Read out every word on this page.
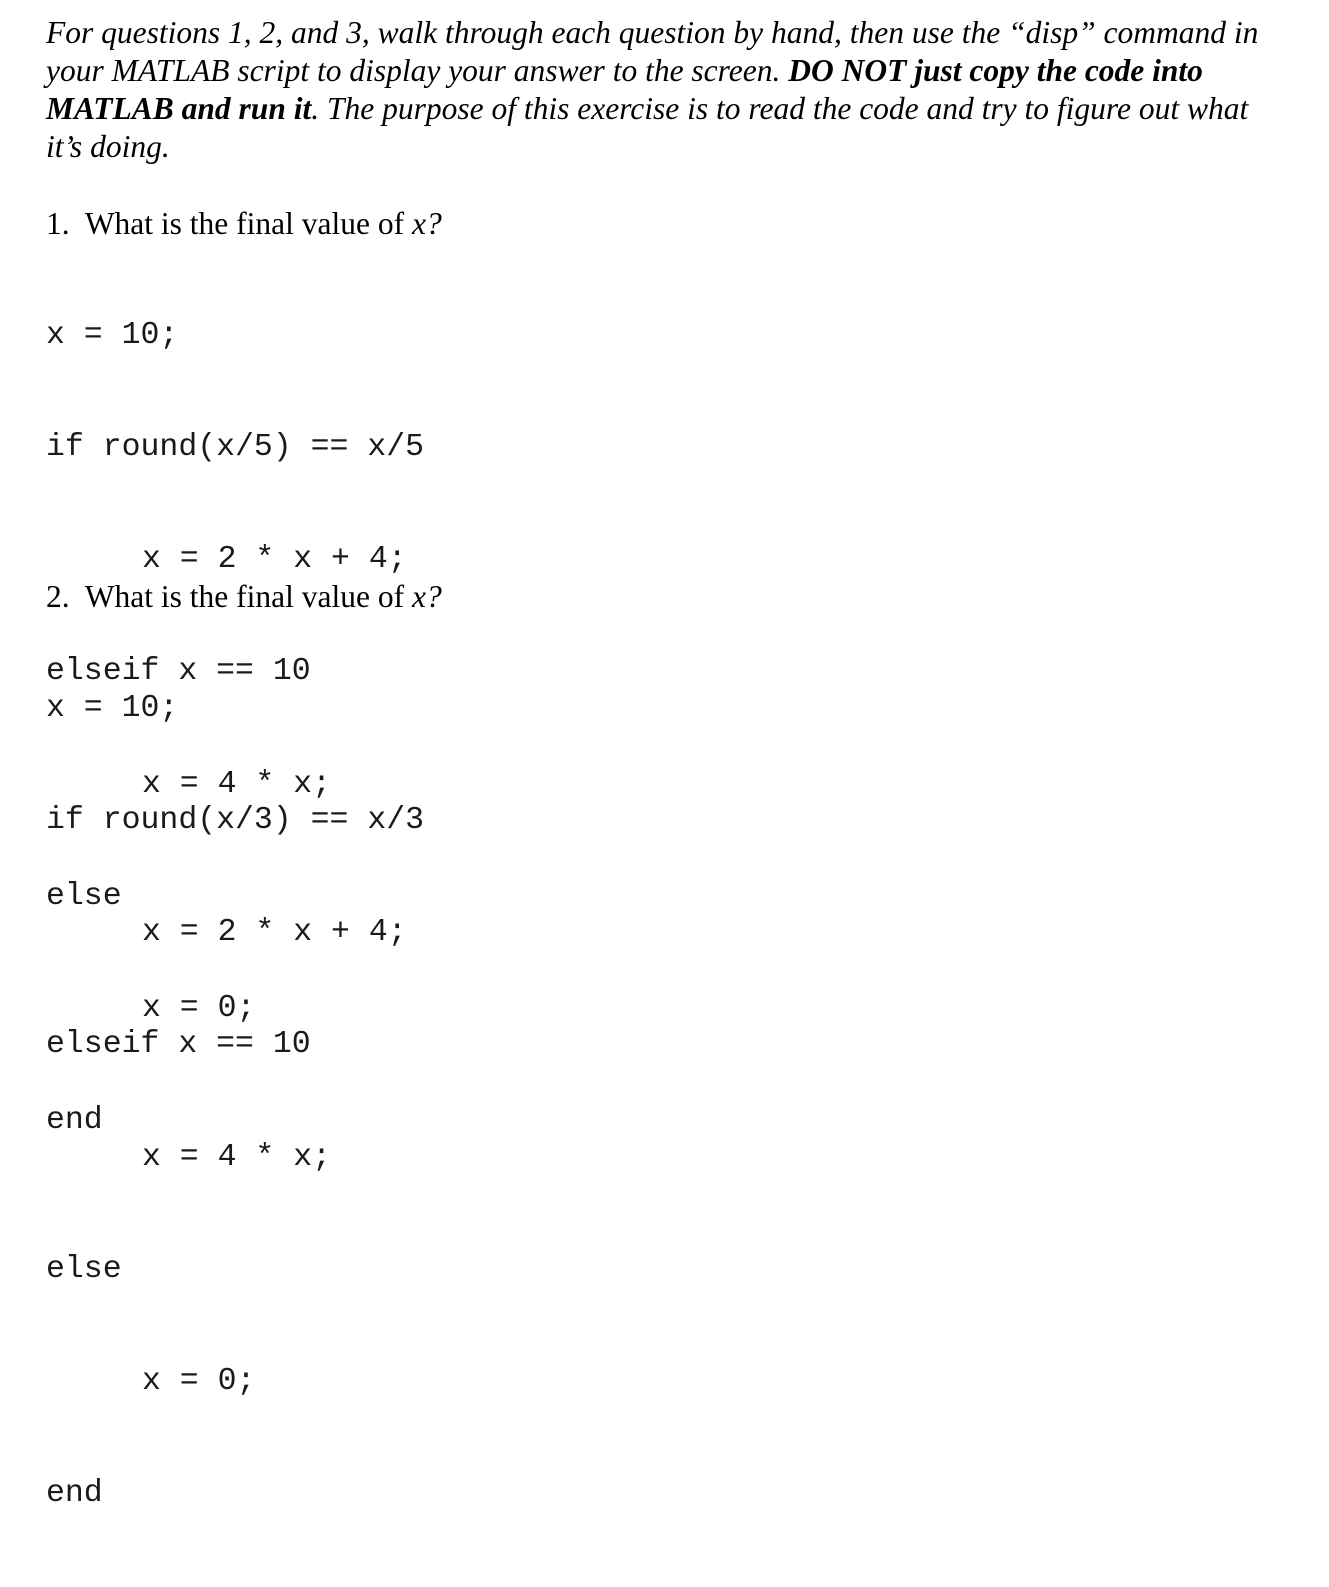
For questions 1, 2, and 3, walk through each question by hand, then use the “disp” command in
your MATLAB script to display your answer to the screen. DO NOT just copy the code into
MATLAB and run it. The purpose of this exercise is to read the code and try to figure out what
it’s doing.
1. What is the final value of x?

x = 10;

if round(x/5) == x/5

x = 2 * x + 4;

elseif x == 10

x = 4 * x;

else

x = 0;

end

2. What is the final value of x?

x = 10;

if round(x/3) == x/3

x = 2 * x + 4;

elseif x == 10

x = 4 * x;

else

x = 0;

end
